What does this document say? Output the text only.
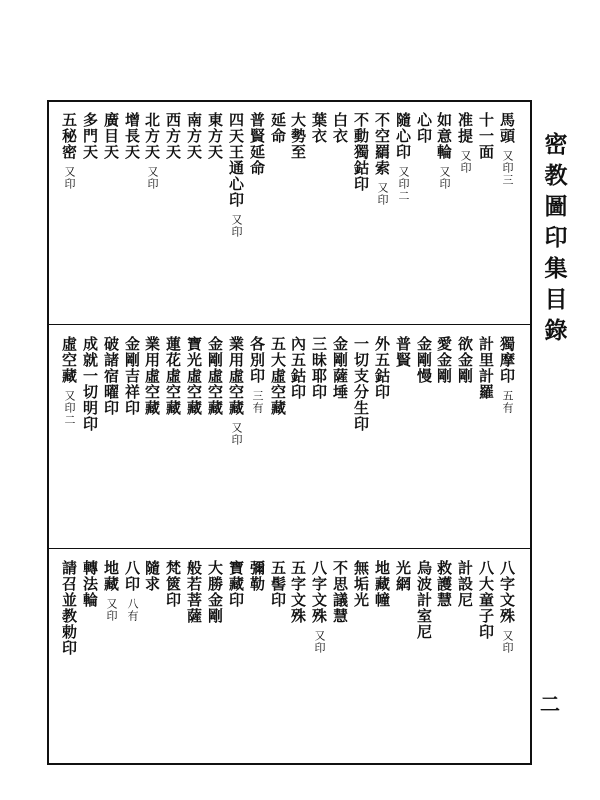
密教圖印集目錄
二
馬頭又印三
十一面
准提又印
如意輪又印
心印
隨心印又印二
不空羂索又印
不動獨鈷印
白衣
葉衣
大勢至
延命
普賢延命
四天王通心印又印
東方天
南方天
西方天
北方天又印
增長天
廣目天
多門天
五秘密又印
獨摩印五有
計里計羅
欲金剛
愛金剛
金剛慢
普賢
外五鈷印
一切支分生印
金剛薩埵
三昧耶印
內五鈷印
五大虛空藏
各別印三有
業用虛空藏又印
金剛虛空藏
寶光虛空藏
蓮花虛空藏
業用虛空藏
金剛吉祥印
破諸宿曜印
成就一切明印
虛空藏又印二
八字文殊又印
八大童子印
計設尼
救護慧
烏波計室尼
光網
地藏幢
無垢光
不思議慧
八字文殊又印
五字文殊
五髻印
彌勒
寶藏印
大勝金剛
般若菩薩
梵篋印
隨求
八印八有
地藏又印
轉法輪
請召並教勅印
